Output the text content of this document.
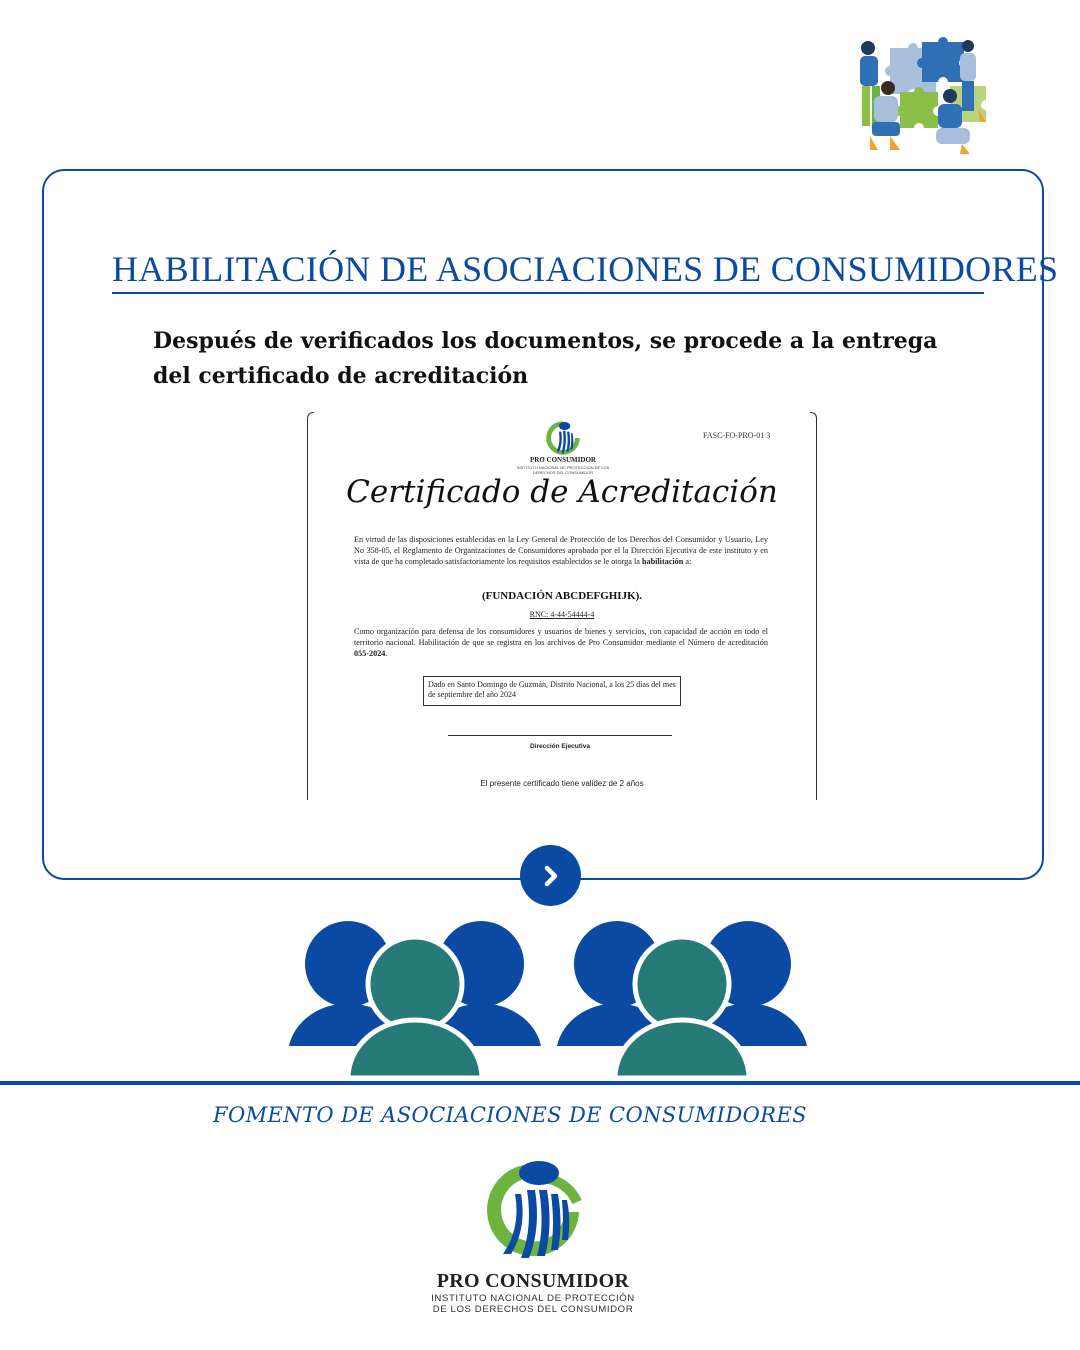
HABILITACIÓN DE ASOCIACIONES DE CONSUMIDORES
Después de verificados los documentos, se procede a la entrega del certificado de acreditación
PRO CONSUMIDOR
INSTITUTO NACIONAL DE PROTECCIÓN DE LOS DERECHOS DEL CONSUMIDOR
FASC-FO-PRO-01 3
Certificado de Acreditación
En virtud de las disposiciones establecidas en la Ley General de Protección de los Derechos del Consumidor y Usuario, Ley No 358-05, el Reglamento de Organizaciones de Consumidores aprobado por el la Dirección Ejecutiva de este instituto y en vista de que ha completado satisfactoriamente los requisitos establecidos se le otorga la habilitación a:
(FUNDACIÓN ABCDEFGHIJK).
RNC: 4-44-54444-4
Como organización para defensa de los consumidores y usuarios de bienes y servicios, con capacidad de acción en todo el territorio nacional. Habilitación de que se registra en los archivos de Pro Consumidor mediante el Número de acreditación 055-2024.
Dado en Santo Domingo de Guzmán, Distrito Nacional, a los 25 días del mes de septiembre del año 2024
Dirección Ejecutiva
El presente certificado tiene validez de 2 años
FOMENTO DE ASOCIACIONES DE CONSUMIDORES
PRO CONSUMIDOR
INSTITUTO NACIONAL DE PROTECCIÓN
DE LOS DERECHOS DEL CONSUMIDOR
